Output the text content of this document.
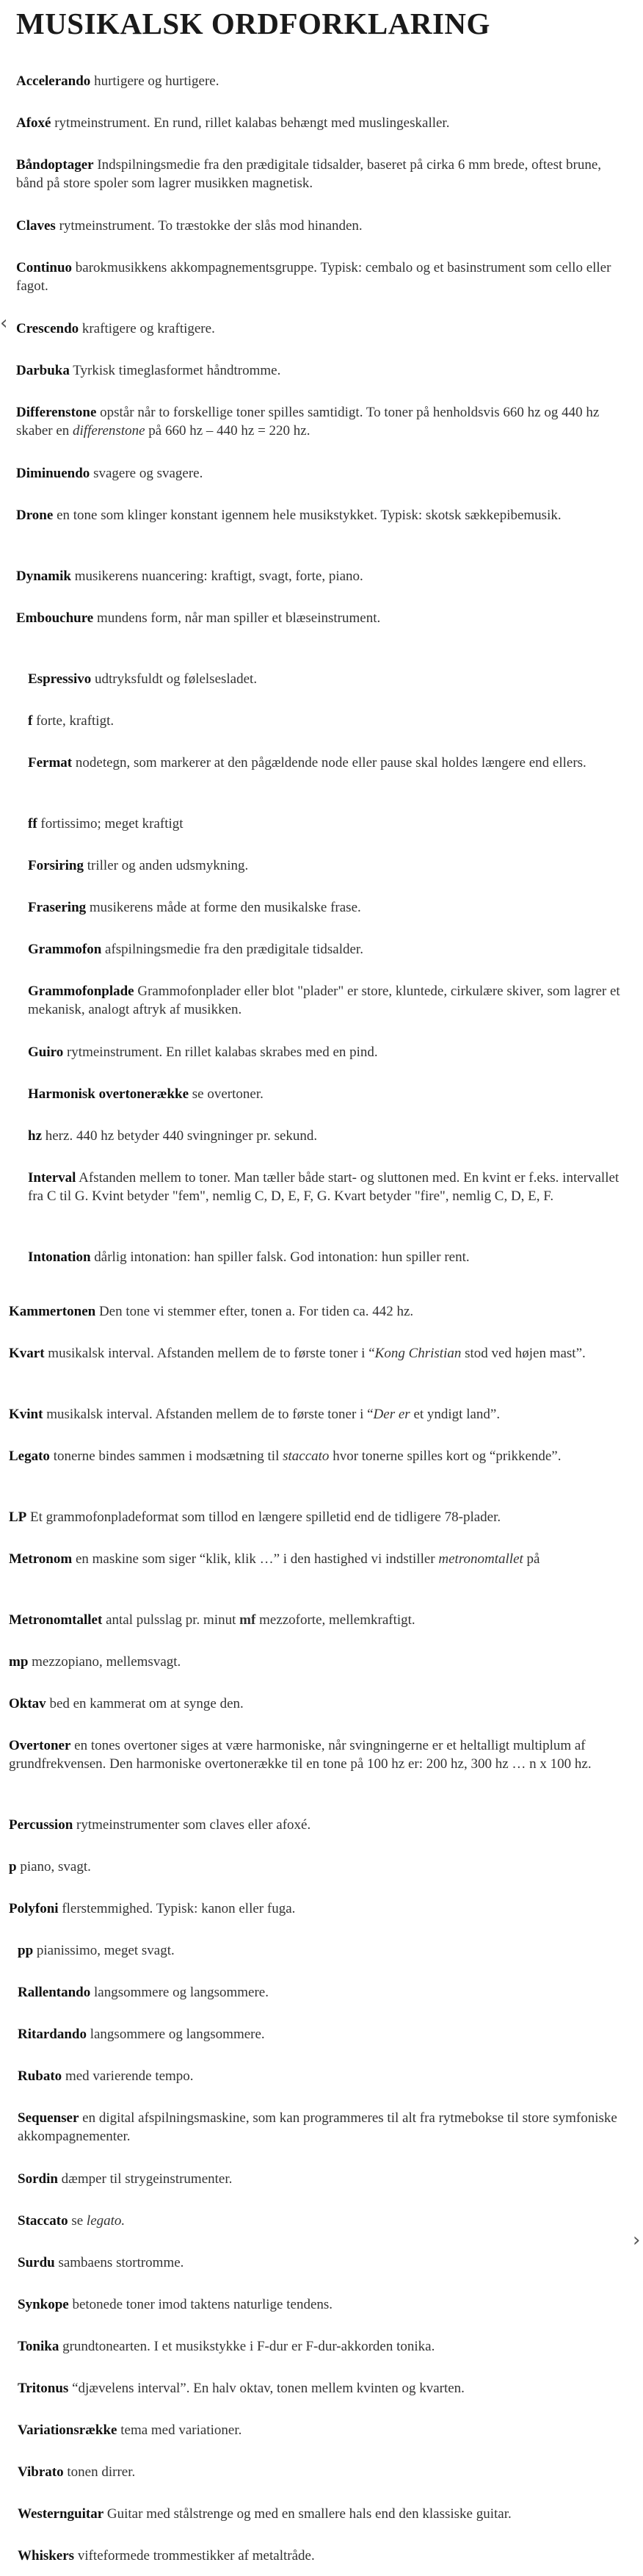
MUSIKALSK ORDFORKLARING
‹
›

Accelerando hurtigere og hurtigere.

Afoxé rytmeinstrument. En rund, rillet kalabas behængt med muslingeskaller.

Båndoptager Indspilningsmedie fra den prædigitale tidsalder, baseret på cirka 6 mm brede, oftest brune, bånd på store spoler som lagrer musikken magnetisk.

Claves rytmeinstrument. To træstokke der slås mod hinanden.

Continuo barokmusikkens akkompagnementsgruppe. Typisk: cembalo og et basinstrument som cello eller fagot.

Crescendo kraftigere og kraftigere.

Darbuka Tyrkisk timeglasformet håndtromme.

Differenstone opstår når to forskellige toner spilles samtidigt. To toner på henholdsvis 660 hz og 440 hz skaber en differenstone på 660 hz – 440 hz = 220 hz.

Diminuendo svagere og svagere.

Drone en tone som klinger konstant igennem hele musikstykket. Typisk: skotsk sækkepibemusik.

Dynamik musikerens nuancering: kraftigt, svagt, forte, piano.

Embouchure mundens form, når man spiller et blæseinstrument.

Espressivo udtryksfuldt og følelsesladet.

f forte, kraftigt.

Fermat nodetegn, som markerer at den pågældende node eller pause skal holdes længere end ellers.

ff fortissimo; meget kraftigt

Forsiring triller og anden udsmykning.

Frasering musikerens måde at forme den musikalske frase.

Grammofon afspilningsmedie fra den prædigitale tidsalder.

Grammofonplade Grammofonplader eller blot "plader" er store, kluntede, cirkulære skiver, som lagrer et mekanisk, analogt aftryk af musikken.

Guiro rytmeinstrument. En rillet kalabas skrabes med en pind.

Harmonisk overtonerække se overtoner.

hz herz. 440 hz betyder 440 svingninger pr. sekund.

Interval Afstanden mellem to toner. Man tæller både start- og sluttonen med. En kvint er f.eks. intervallet fra C til G. Kvint betyder "fem", nemlig C, D, E, F, G. Kvart betyder "fire", nemlig C, D, E, F.

Intonation dårlig intonation: han spiller falsk. God intonation: hun spiller rent.

Kammertonen Den tone vi stemmer efter, tonen a. For tiden ca. 442 hz.

Kvart musikalsk interval. Afstanden mellem de to første toner i “Kong Christian stod ved højen mast”.

Kvint musikalsk interval. Afstanden mellem de to første toner i “Der er et yndigt land”.

Legato tonerne bindes sammen i modsætning til staccato hvor tonerne spilles kort og “prikkende”.

LP Et grammofonpladeformat som tillod en længere spilletid end de tidligere 78-plader.

Metronom en maskine som siger “klik, klik …” i den hastighed vi indstiller metronomtallet på

Metronomtallet antal pulsslag pr. minut mf mezzoforte, mellemkraftigt.

mp mezzopiano, mellemsvagt.

Oktav bed en kammerat om at synge den.

Overtoner en tones overtoner siges at være harmoniske, når svingningerne er et heltalligt multiplum af grundfrekvensen. Den harmoniske overtonerække til en tone på 100 hz er: 200 hz, 300 hz … n x 100 hz.

Percussion rytmeinstrumenter som claves eller afoxé.

p piano, svagt.

Polyfoni flerstemmighed. Typisk: kanon eller fuga.

pp pianissimo, meget svagt.

Rallentando langsommere og langsommere.

Ritardando langsommere og langsommere.

Rubato med varierende tempo.

Sequenser en digital afspilningsmaskine, som kan programmeres til alt fra rytmebokse til store symfoniske akkompagnementer.

Sordin dæmper til strygeinstrumenter.

Staccato se legato.

Surdu sambaens stortromme.

Synkope betonede toner imod taktens naturlige tendens.

Tonika grundtonearten. I et musikstykke i F-dur er F-dur-akkorden tonika.

Tritonus “djævelens interval”. En halv oktav, tonen mellem kvinten og kvarten.

Variationsrække tema med variationer.

Vibrato tonen dirrer.

Westernguitar Guitar med stålstrenge og med en smallere hals end den klassiske guitar.

Whiskers vifteformede trommestikker af metaltråde.
